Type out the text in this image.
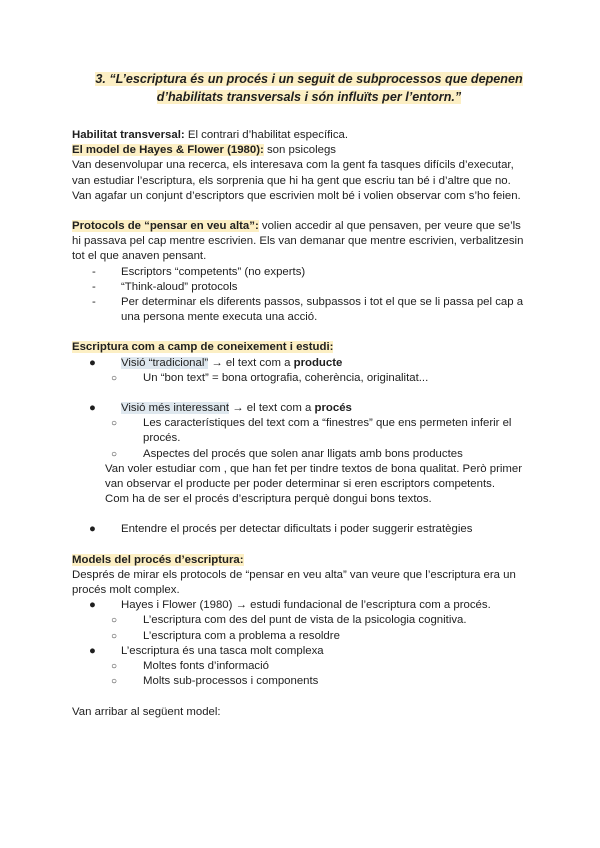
3. “L’escriptura és un procés i un seguit de subprocessos que depenen
d’habilitats transversals i són influïts per l’entorn.”

Habilitat transversal: El contrari d’habilitat específica.

El model de Hayes & Flower (1980): son psicolegs

Van desenvolupar una recerca, els interesava com la gent fa tasques difícils d’executar, van estudiar l’escriptura, els sorprenia que hi ha gent que escriu tan bé i d’altre que no.

Van agafar un conjunt d’escriptors que escrivien molt bé i volien observar com s’ho feien.

Protocols de “pensar en veu alta”: volien accedir al que pensaven, per veure que se’ls hi passava pel cap mentre escrivien. Els van demanar que mentre escrivien, verbalitzesin tot el que anaven pensant.

- Escriptors “competents” (no experts)
- “Think-aloud” protocols
- Per determinar els diferents passos, subpassos i tot el que se li passa pel cap a una persona mente executa una acció.

Escriptura com a camp de coneixement i estudi:

● Visió “tradicional” → el text com a producte
○ Un “bon text” = bona ortografia, coherència, originalitat...
● Visió més interessant → el text com a procés
○ Les característiques del text com a “finestres” que ens permeten inferir el procés.
○ Aspectes del procés que solen anar lligats amb bons productes

Van voler estudiar com , que han fet per tindre textos de bona qualitat. Però primer van observar el producte per poder determinar si eren escriptors competents.

Com ha de ser el procés d’escriptura perquè dongui bons textos.

● Entendre el procés per detectar dificultats i poder suggerir estratègies

Models del procés d’escriptura:

Després de mirar els protocols de “pensar en veu alta” van veure que l’escriptura era un procés molt complex.

● Hayes i Flower (1980) → estudi fundacional de l’escriptura com a procés.
○ L’escriptura com des del punt de vista de la psicologia cognitiva.
○ L’escriptura com a problema a resoldre
● L’escriptura és una tasca molt complexa
○ Moltes fonts d’informació
○ Molts sub-processos i components

Van arribar al següent model:
